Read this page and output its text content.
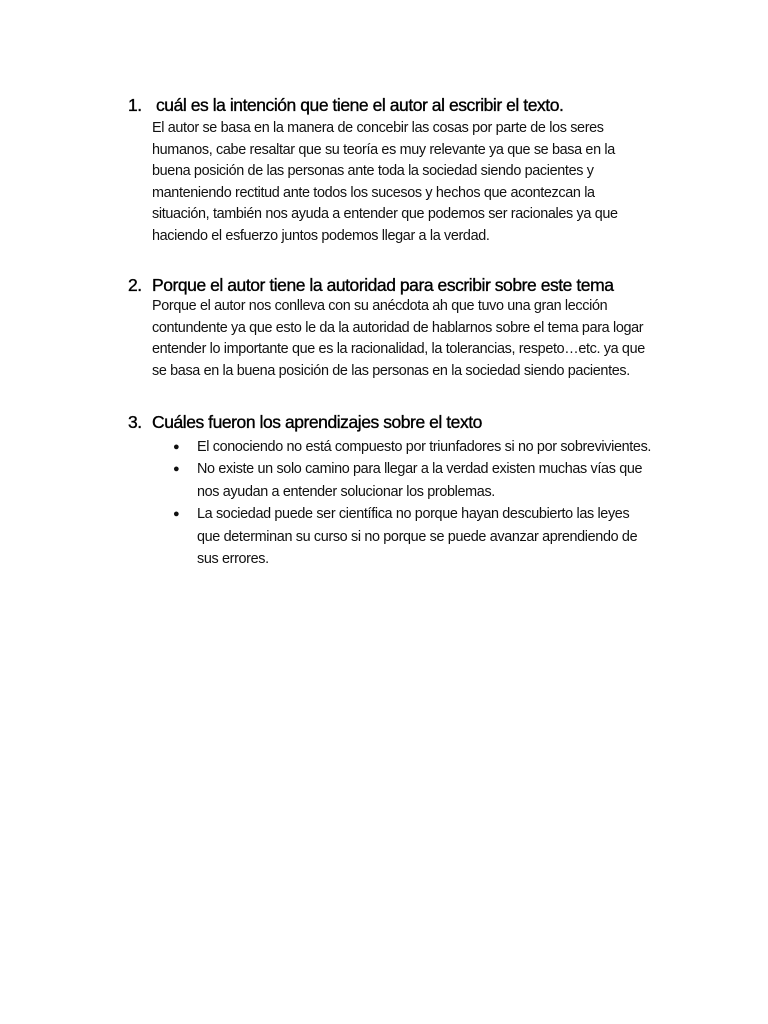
1. cuál es la intención que tiene el autor al escribir el texto.

El autor se basa en la manera de concebir las cosas por parte de los seres
humanos, cabe resaltar que su teoría es muy relevante ya que se basa en la
buena posición de las personas ante toda la sociedad siendo pacientes y
manteniendo rectitud ante todos los sucesos y hechos que acontezcan la
situación, también nos ayuda a entender que podemos ser racionales ya que
haciendo el esfuerzo juntos podemos llegar a la verdad.

2. Porque el autor tiene la autoridad para escribir sobre este tema

Porque el autor nos conlleva con su anécdota ah que tuvo una gran lección
contundente ya que esto le da la autoridad de hablarnos sobre el tema para logar
entender lo importante que es la racionalidad, la tolerancias, respeto…etc. ya que
se basa en la buena posición de las personas en la sociedad siendo pacientes.

3. Cuáles fueron los aprendizajes sobre el texto
● El conociendo no está compuesto por triunfadores si no por sobrevivientes.
● No existe un solo camino para llegar a la verdad existen muchas vías que
nos ayudan a entender solucionar los problemas.
● La sociedad puede ser científica no porque hayan descubierto las leyes
que determinan su curso si no porque se puede avanzar aprendiendo de
sus errores.
